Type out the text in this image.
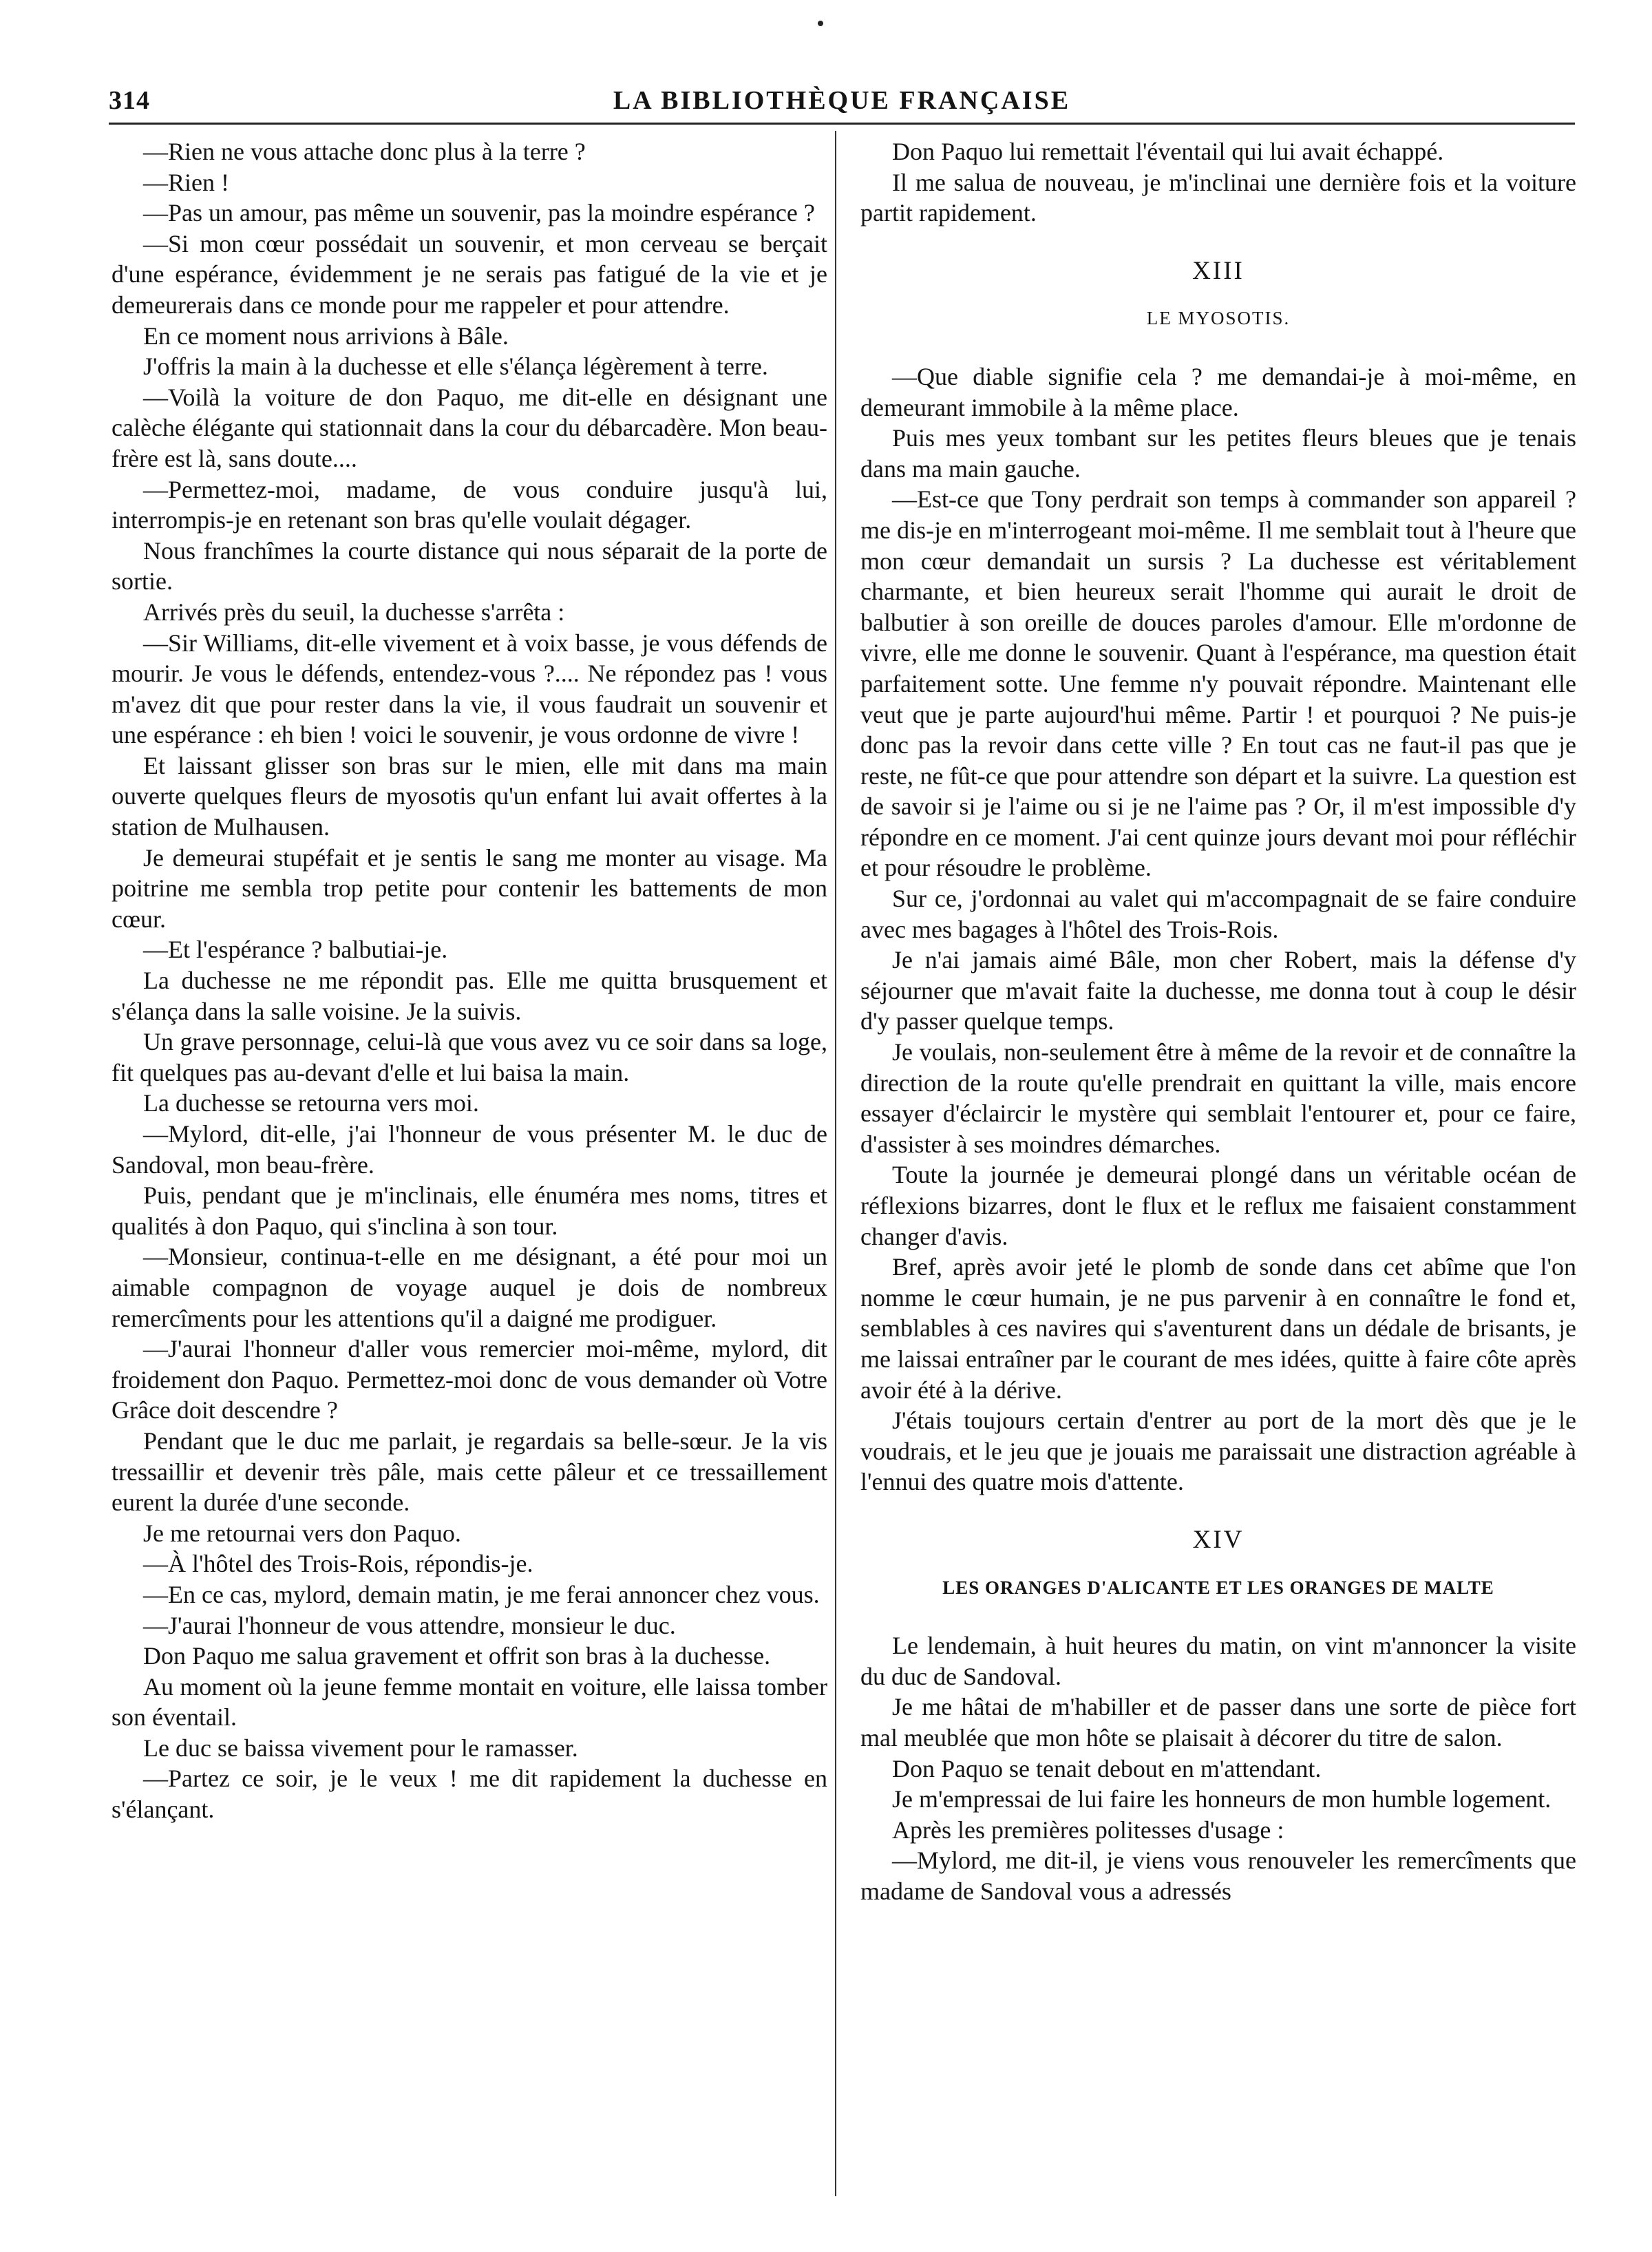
314	LA BIBLIOTHÈQUE FRANÇAISE

—Rien ne vous attache donc plus à la terre ?

—Rien !

—Pas un amour, pas même un souvenir, pas la moindre espérance ?

—Si mon cœur possédait un souvenir, et mon cerveau se berçait d'une espérance, évidemment je ne serais pas fatigué de la vie et je demeurerais dans ce monde pour me rappeler et pour attendre.

En ce moment nous arrivions à Bâle.

J'offris la main à la duchesse et elle s'élança légèrement à terre.

—Voilà la voiture de don Paquo, me dit-elle en désignant une calèche élégante qui stationnait dans la cour du débarcadère. Mon beau-frère est là, sans doute....

—Permettez-moi, madame, de vous conduire jusqu'à lui, interrompis-je en retenant son bras qu'elle voulait dégager.

Nous franchîmes la courte distance qui nous séparait de la porte de sortie.

Arrivés près du seuil, la duchesse s'arrêta :

—Sir Williams, dit-elle vivement et à voix basse, je vous défends de mourir. Je vous le défends, entendez-vous ?.... Ne répondez pas ! vous m'avez dit que pour rester dans la vie, il vous faudrait un souvenir et une espérance : eh bien ! voici le souvenir, je vous ordonne de vivre !

Et laissant glisser son bras sur le mien, elle mit dans ma main ouverte quelques fleurs de myosotis qu'un enfant lui avait offertes à la station de Mulhausen.

Je demeurai stupéfait et je sentis le sang me monter au visage. Ma poitrine me sembla trop petite pour contenir les battements de mon cœur.

—Et l'espérance ? balbutiai-je.

La duchesse ne me répondit pas. Elle me quitta brusquement et s'élança dans la salle voisine. Je la suivis.

Un grave personnage, celui-là que vous avez vu ce soir dans sa loge, fit quelques pas au-devant d'elle et lui baisa la main.

La duchesse se retourna vers moi.

—Mylord, dit-elle, j'ai l'honneur de vous présenter M. le duc de Sandoval, mon beau-frère.

Puis, pendant que je m'inclinais, elle énuméra mes noms, titres et qualités à don Paquo, qui s'inclina à son tour.

—Monsieur, continua-t-elle en me désignant, a été pour moi un aimable compagnon de voyage auquel je dois de nombreux remercîments pour les attentions qu'il a daigné me prodiguer.

—J'aurai l'honneur d'aller vous remercier moi-même, mylord, dit froidement don Paquo. Permettez-moi donc de vous demander où Votre Grâce doit descendre ?

Pendant que le duc me parlait, je regardais sa belle-sœur. Je la vis tressaillir et devenir très pâle, mais cette pâleur et ce tressaillement eurent la durée d'une seconde.

Je me retournai vers don Paquo.

—À l'hôtel des Trois-Rois, répondis-je.

—En ce cas, mylord, demain matin, je me ferai annoncer chez vous.

—J'aurai l'honneur de vous attendre, monsieur le duc.

Don Paquo me salua gravement et offrit son bras à la duchesse.

Au moment où la jeune femme montait en voiture, elle laissa tomber son éventail.

Le duc se baissa vivement pour le ramasser.

—Partez ce soir, je le veux ! me dit rapidement la duchesse en s'élançant.

Don Paquo lui remettait l'éventail qui lui avait échappé.

Il me salua de nouveau, je m'inclinai une dernière fois et la voiture partit rapidement.

XIII
LE MYOSOTIS.

—Que diable signifie cela ? me demandai-je à moi-même, en demeurant immobile à la même place.

Puis mes yeux tombant sur les petites fleurs bleues que je tenais dans ma main gauche.

—Est-ce que Tony perdrait son temps à commander son appareil ? me dis-je en m'interrogeant moi-même. Il me semblait tout à l'heure que mon cœur demandait un sursis ? La duchesse est véritablement charmante, et bien heureux serait l'homme qui aurait le droit de balbutier à son oreille de douces paroles d'amour. Elle m'ordonne de vivre, elle me donne le souvenir. Quant à l'espérance, ma question était parfaitement sotte. Une femme n'y pouvait répondre. Maintenant elle veut que je parte aujourd'hui même. Partir ! et pourquoi ? Ne puis-je donc pas la revoir dans cette ville ? En tout cas ne faut-il pas que je reste, ne fût-ce que pour attendre son départ et la suivre. La question est de savoir si je l'aime ou si je ne l'aime pas ? Or, il m'est impossible d'y répondre en ce moment. J'ai cent quinze jours devant moi pour réfléchir et pour résoudre le problème.

Sur ce, j'ordonnai au valet qui m'accompagnait de se faire conduire avec mes bagages à l'hôtel des Trois-Rois.

Je n'ai jamais aimé Bâle, mon cher Robert, mais la défense d'y séjourner que m'avait faite la duchesse, me donna tout à coup le désir d'y passer quelque temps.

Je voulais, non-seulement être à même de la revoir et de connaître la direction de la route qu'elle prendrait en quittant la ville, mais encore essayer d'éclaircir le mystère qui semblait l'entourer et, pour ce faire, d'assister à ses moindres démarches.

Toute la journée je demeurai plongé dans un véritable océan de réflexions bizarres, dont le flux et le reflux me faisaient constamment changer d'avis.

Bref, après avoir jeté le plomb de sonde dans cet abîme que l'on nomme le cœur humain, je ne pus parvenir à en connaître le fond et, semblables à ces navires qui s'aventurent dans un dédale de brisants, je me laissai entraîner par le courant de mes idées, quitte à faire côte après avoir été à la dérive.

J'étais toujours certain d'entrer au port de la mort dès que je le voudrais, et le jeu que je jouais me paraissait une distraction agréable à l'ennui des quatre mois d'attente.

XIV
LES ORANGES D'ALICANTE ET LES ORANGES DE MALTE

Le lendemain, à huit heures du matin, on vint m'annoncer la visite du duc de Sandoval.

Je me hâtai de m'habiller et de passer dans une sorte de pièce fort mal meublée que mon hôte se plaisait à décorer du titre de salon.

Don Paquo se tenait debout en m'attendant.

Je m'empressai de lui faire les honneurs de mon humble logement.

Après les premières politesses d'usage :

—Mylord, me dit-il, je viens vous renouveler les remercîments que madame de Sandoval vous a adressés
